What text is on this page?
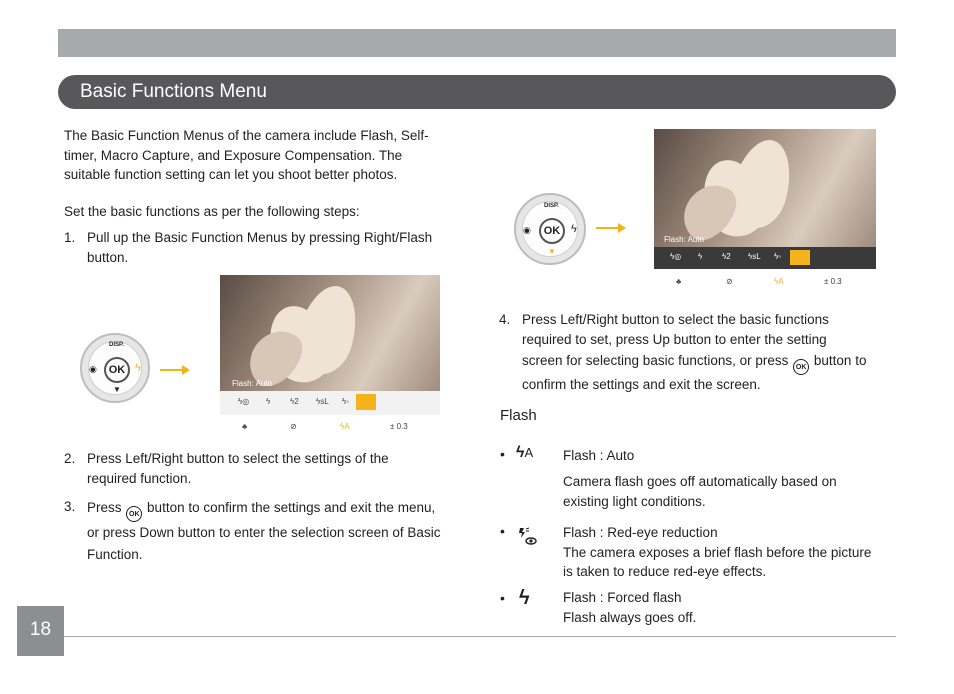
Basic Functions Menu
The Basic Function Menus of the camera include Flash, Self-
timer, Macro Capture, and Exposure Compensation. The
suitable function setting can let you shoot better photos.
Set the basic functions as per the following steps:
1. Pull up the Basic Function Menus by pressing Right/Flash
button.
OK
DISP.
◉	ϟ
▼
Flash: Auto
ϟ◎ ϟ ϟ2 ϟsL ϟ◦
♣	⊘	ϟA	± 0.3
2. Press Left/Right button to select the settings of the
required function.
3. Press OK button to confirm the settings and exit the menu,
or press Down button to enter the selection screen of Basic
Function.
OK
DISP.
◉	ϟ
▼
Flash: Auto
ϟ◎ ϟ ϟ2 ϟsL ϟ◦
♣	⊘	ϟA	± 0.3
4. Press Left/Right button to select the basic functions
required to set, press Up button to enter the setting
screen for selecting basic functions, or press OK button to
confirm the settings and exit the screen.
Flash
• ϟA Flash : Auto
Camera flash goes off automatically based on
existing light conditions.
•	Flash : Red-eye reduction
The camera exposes a brief flash before the picture
is taken to reduce red-eye effects.
• ϟ Flash : Forced flash
Flash always goes off.
18
